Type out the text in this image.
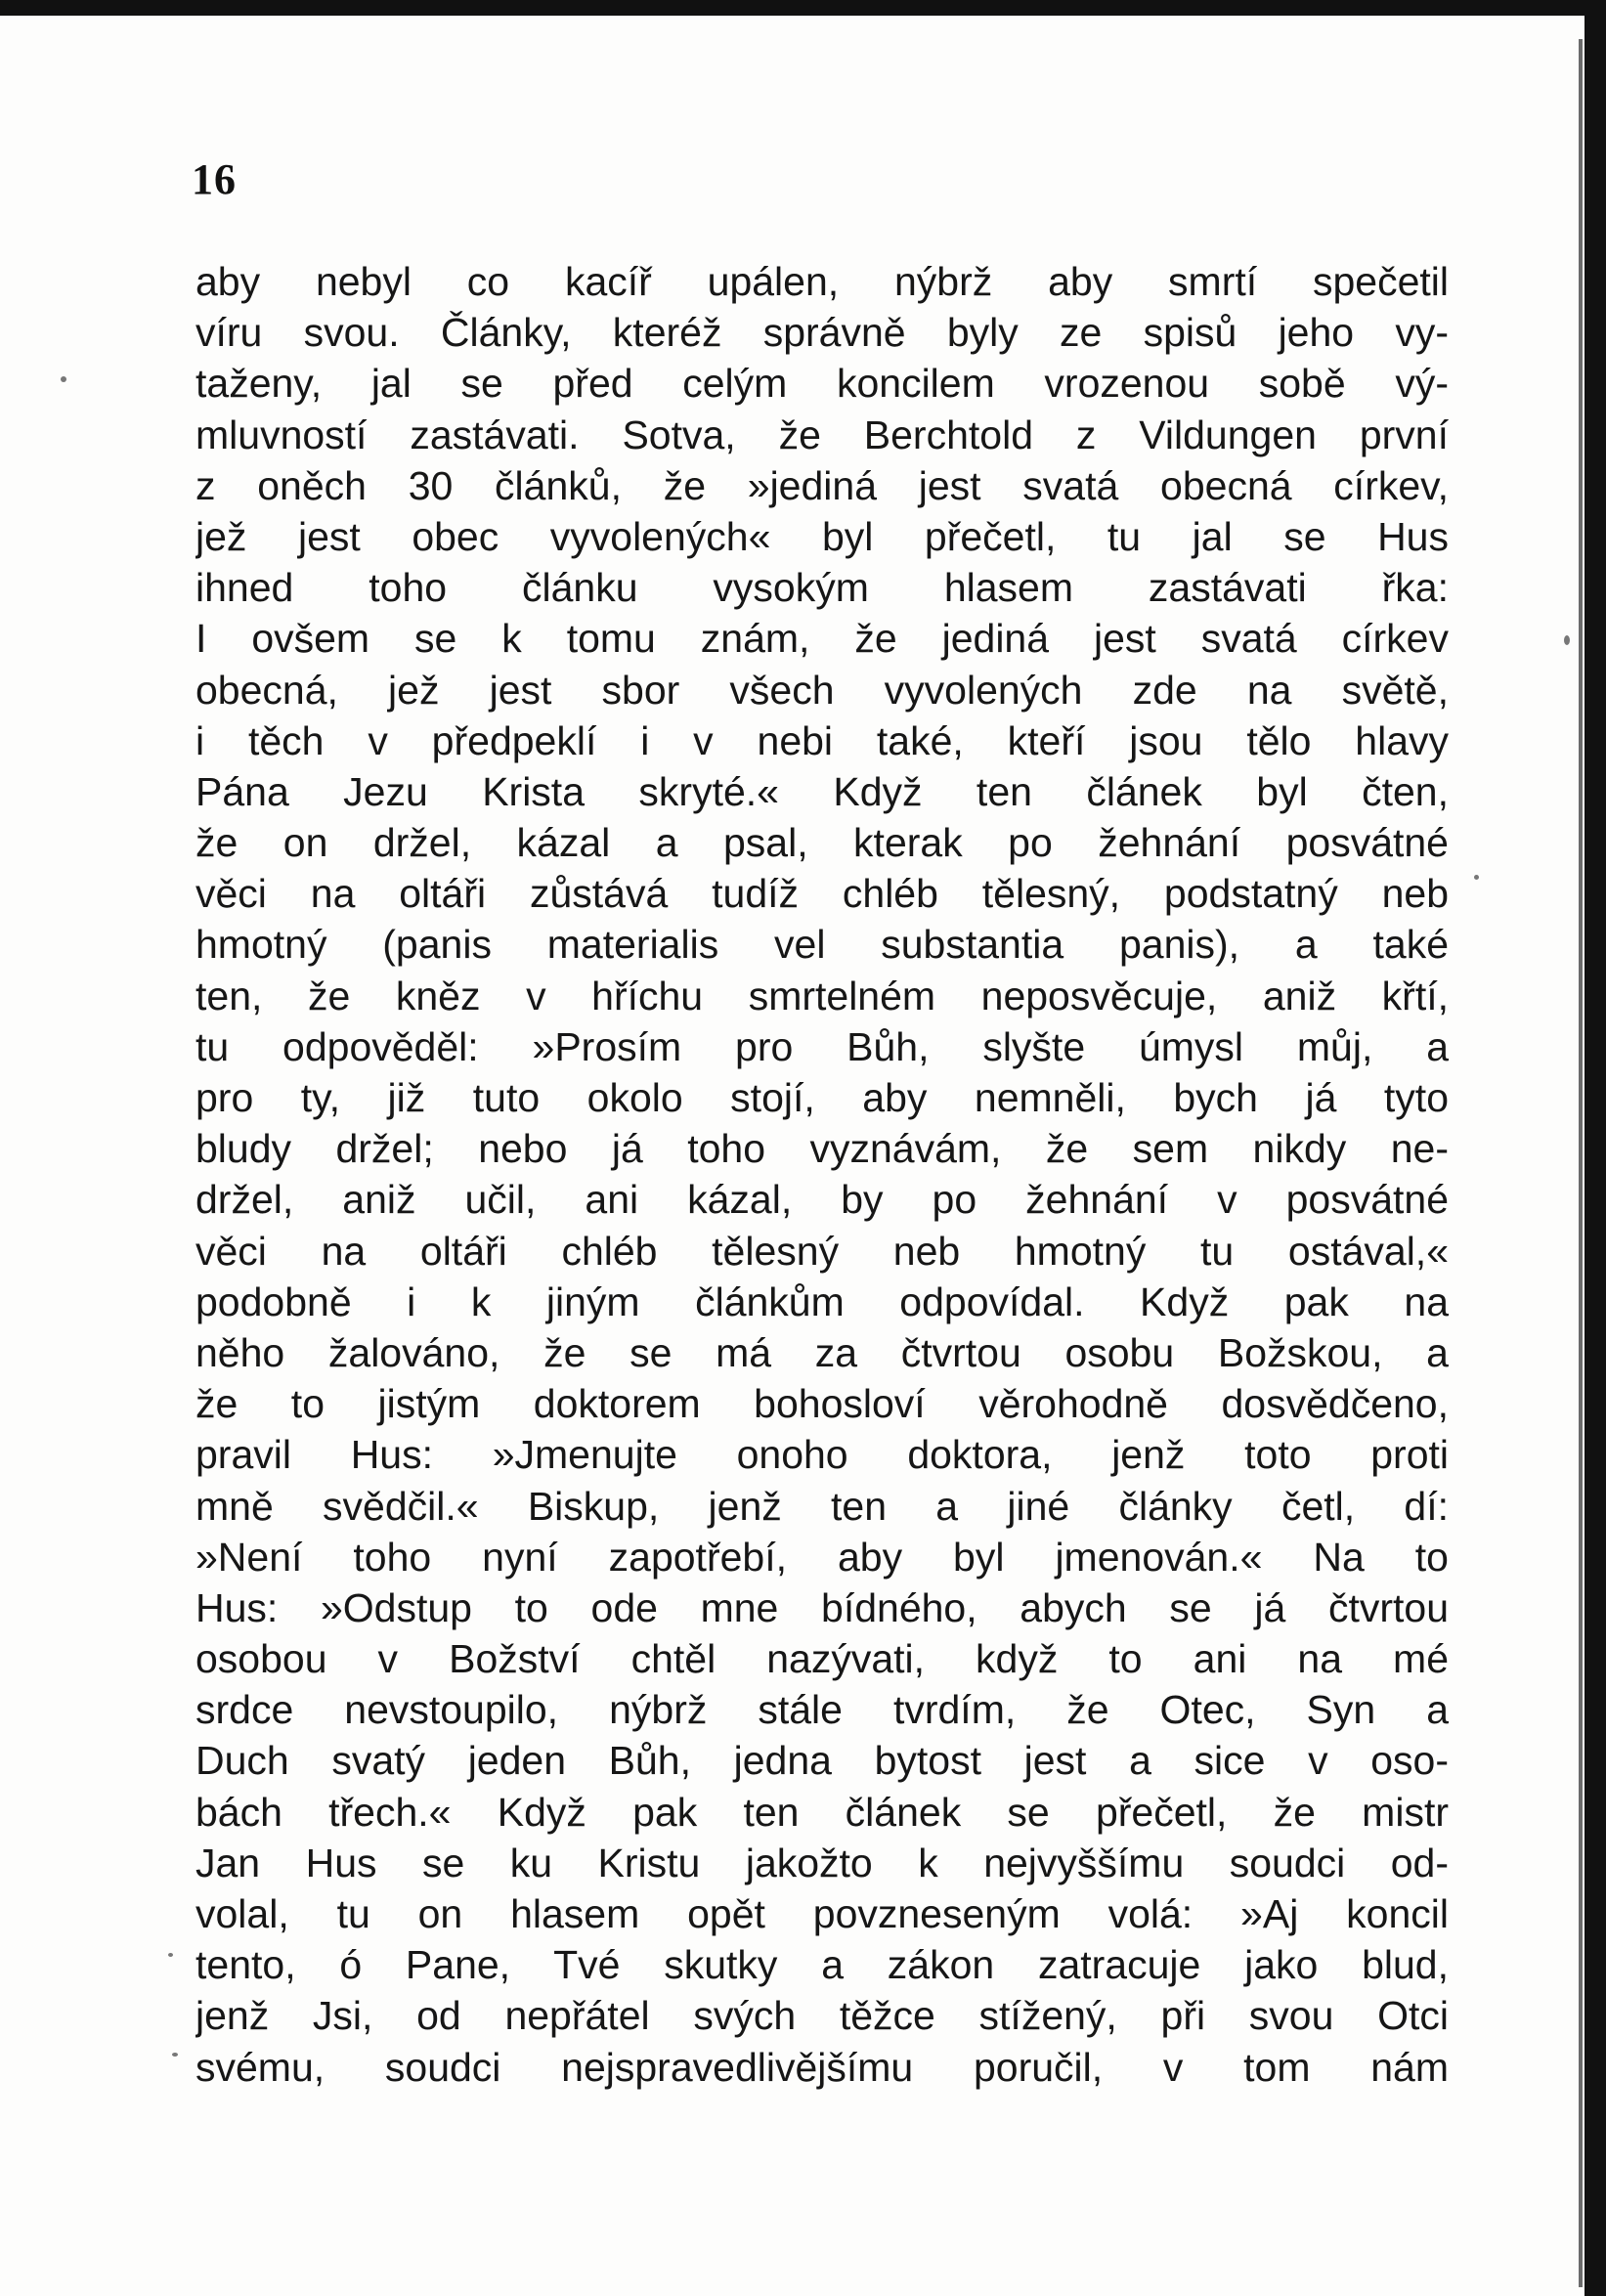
16
aby nebyl co kacíř upálen, nýbrž aby smrtí spečetil
víru svou. Články, kteréž správně byly ze spisů jeho vy-
taženy, jal se před celým koncilem vrozenou sobě vý-
mluvností zastávati. Sotva, že Berchtold z Vildungen první
z oněch 30 článků, že »jediná jest svatá obecná církev,
jež jest obec vyvolených« byl přečetl, tu jal se Hus
ihned toho článku vysokým hlasem zastávati řka:
I ovšem se k tomu znám, že jediná jest svatá církev
obecná, jež jest sbor všech vyvolených zde na světě,
i těch v předpeklí i v nebi také, kteří jsou tělo hlavy
Pána Jezu Krista skryté.« Když ten článek byl čten,
že on držel, kázal a psal, kterak po žehnání posvátné
věci na oltáři zůstává tudíž chléb tělesný, podstatný neb
hmotný (panis materialis vel substantia panis), a také
ten, že kněz v hříchu smrtelném neposvěcuje, aniž křtí,
tu odpověděl: »Prosím pro Bůh, slyšte úmysl můj, a
pro ty, již tuto okolo stojí, aby nemněli, bych já tyto
bludy držel; nebo já toho vyznávám, že sem nikdy ne-
držel, aniž učil, ani kázal, by po žehnání v posvátné
věci na oltáři chléb tělesný neb hmotný tu ostával,«
podobně i k jiným článkům odpovídal. Když pak na
něho žalováno, že se má za čtvrtou osobu Božskou, a
že to jistým doktorem bohosloví věrohodně dosvědčeno,
pravil Hus: »Jmenujte onoho doktora, jenž toto proti
mně svědčil.« Biskup, jenž ten a jiné články četl, dí:
»Není toho nyní zapotřebí, aby byl jmenován.« Na to
Hus: »Odstup to ode mne bídného, abych se já čtvrtou
osobou v Božství chtěl nazývati, když to ani na mé
srdce nevstoupilo, nýbrž stále tvrdím, že Otec, Syn a
Duch svatý jeden Bůh, jedna bytost jest a sice v oso-
bách třech.« Když pak ten článek se přečetl, že mistr
Jan Hus se ku Kristu jakožto k nejvyššímu soudci od-
volal, tu on hlasem opět povzneseným volá: »Aj koncil
tento, ó Pane, Tvé skutky a zákon zatracuje jako blud,
jenž Jsi, od nepřátel svých těžce stížený, při svou Otci
svému, soudci nejspravedlivějšímu poručil, v tom nám
